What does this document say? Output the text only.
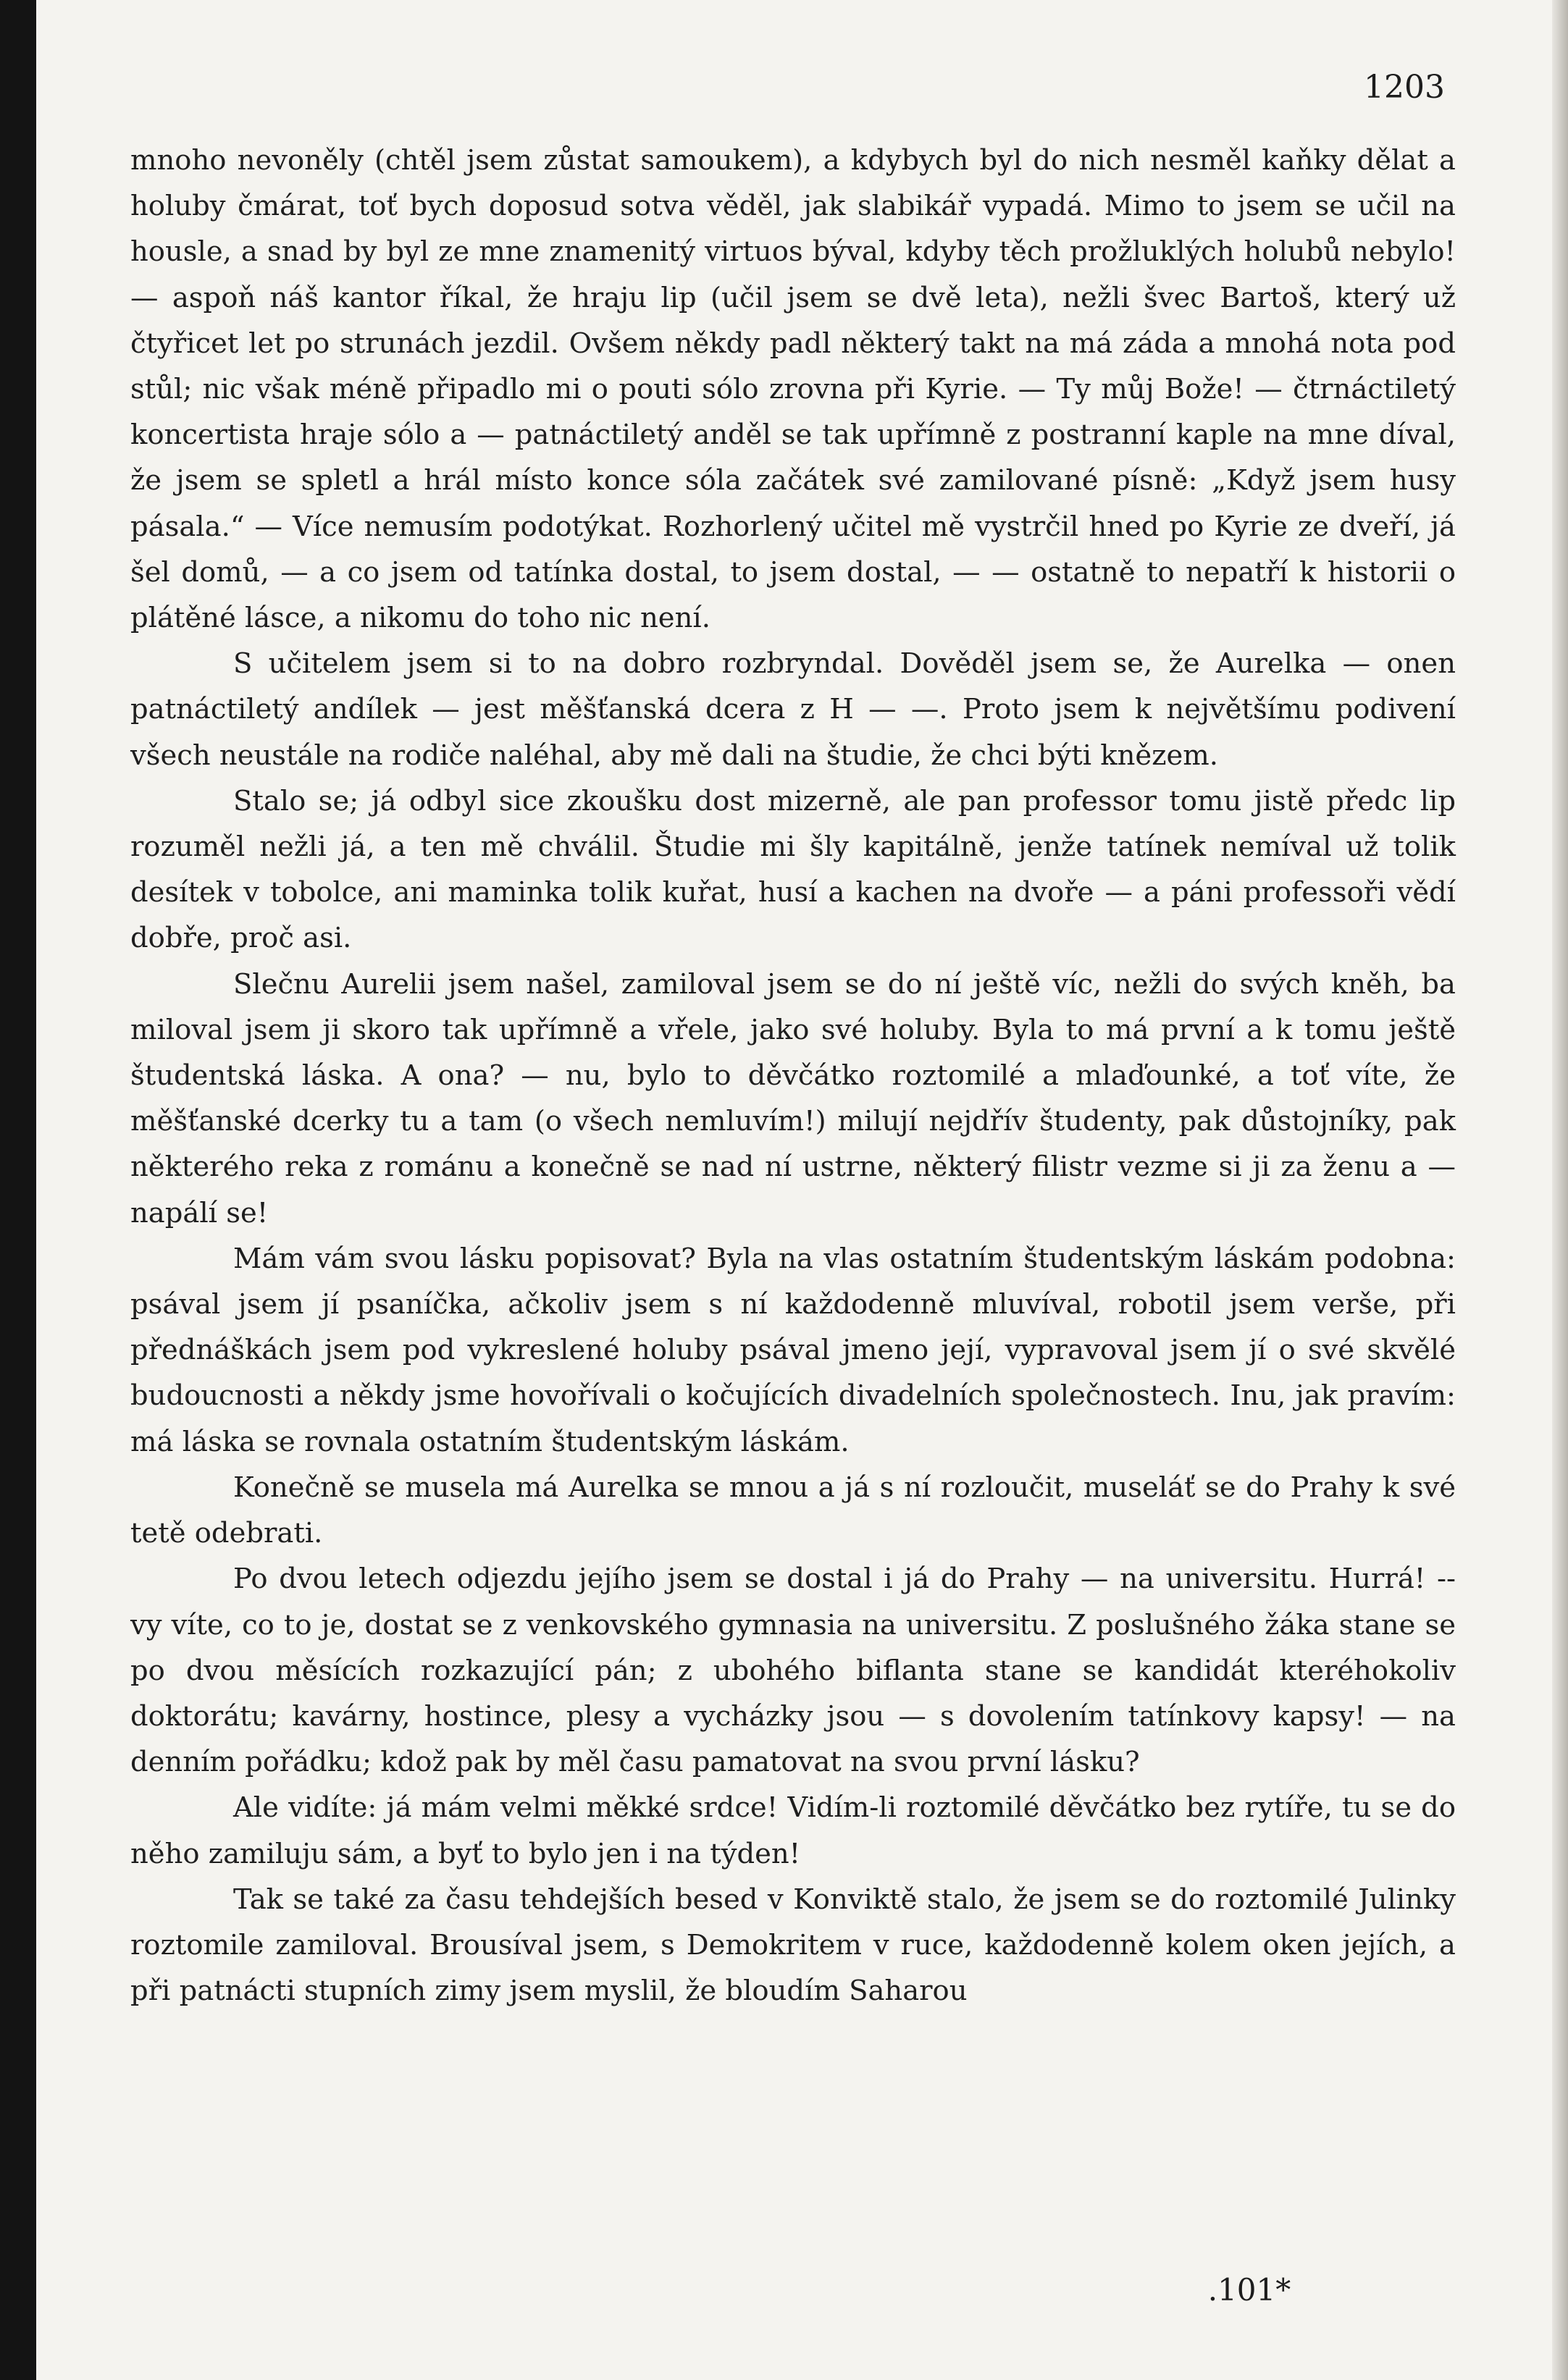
1203

mnoho nevoněly (chtěl jsem zůstat samoukem), a kdybych byl do nich nesměl kaňky dělat a holuby čmárat, toť bych doposud sotva věděl, jak slabikář vypadá. Mimo to jsem se učil na housle, a snad by byl ze mne znamenitý virtuos býval, kdyby těch prožluklých holubů nebylo! — aspoň náš kantor říkal, že hraju lip (učil jsem se dvě leta), nežli švec Bartoš, který už čtyřicet let po strunách jezdil. Ovšem někdy padl některý takt na má záda a mnohá nota pod stůl; nic však méně připadlo mi o pouti sólo zrovna při Kyrie. — Ty můj Bože! — čtrnáctiletý koncertista hraje sólo a — patnáctiletý anděl se tak upřímně z postranní kaple na mne díval, že jsem se spletl a hrál místo konce sóla začátek své zamilované písně: „Když jsem husy pásala.“ — Více nemusím podotýkat. Rozhorlený učitel mě vystrčil hned po Kyrie ze dveří, já šel domů, — a co jsem od tatínka dostal, to jsem dostal, — — ostatně to nepatří k historii o plátěné lásce, a nikomu do toho nic není.

S učitelem jsem si to na dobro rozbryndal. Dověděl jsem se, že Aurelka — onen patnáctiletý andílek — jest měšťanská dcera z H — —. Proto jsem k největšímu podivení všech neustále na rodiče naléhal, aby mě dali na študie, že chci býti knězem.

Stalo se; já odbyl sice zkoušku dost mizerně, ale pan professor tomu jistě předc lip rozuměl nežli já, a ten mě chválil. Študie mi šly kapitálně, jenže tatínek nemíval už tolik desítek v tobolce, ani maminka tolik kuřat, husí a kachen na dvoře — a páni professoři vědí dobře, proč asi.

Slečnu Aurelii jsem našel, zamiloval jsem se do ní ještě víc, nežli do svých kněh, ba miloval jsem ji skoro tak upřímně a vřele, jako své holuby. Byla to má první a k tomu ještě študentská láska. A ona? — nu, bylo to děvčátko roztomilé a mlaďounké, a toť víte, že měšťanské dcerky tu a tam (o všech nemluvím!) milují nejdřív študenty, pak důstojníky, pak některého reka z románu a konečně se nad ní ustrne, některý filistr vezme si ji za ženu a — napálí se!

Mám vám svou lásku popisovat? Byla na vlas ostatním študentským láskám podobna: psával jsem jí psaníčka, ačkoliv jsem s ní každodenně mluvíval, robotil jsem verše, při přednáškách jsem pod vykreslené holuby psával jmeno její, vypravoval jsem jí o své skvělé budoucnosti a někdy jsme hovořívali o kočujících divadelních společnostech. Inu, jak pravím: má láska se rovnala ostatním študentským láskám.

Konečně se musela má Aurelka se mnou a já s ní rozloučit, museláť se do Prahy k své tetě odebrati.

Po dvou letech odjezdu jejího jsem se dostal i já do Prahy — na universitu. Hurrá! -- vy víte, co to je, dostat se z venkovského gymnasia na universitu. Z poslušného žáka stane se po dvou měsících rozkazující pán; z ubohého biflanta stane se kandidát kteréhokoliv doktorátu; kavárny, hostince, plesy a vycházky jsou — s dovolením tatínkovy kapsy! — na denním pořádku; kdož pak by měl času pamatovat na svou první lásku?

Ale vidíte: já mám velmi měkké srdce! Vidím-li roztomilé děvčátko bez rytíře, tu se do něho zamiluju sám, a byť to bylo jen i na týden!

Tak se také za času tehdejších besed v Konviktě stalo, že jsem se do roztomilé Julinky roztomile zamiloval. Brousíval jsem, s Demokritem v ruce, každodenně kolem oken jejích, a při patnácti stupních zimy jsem myslil, že bloudím Saharou

.101*
